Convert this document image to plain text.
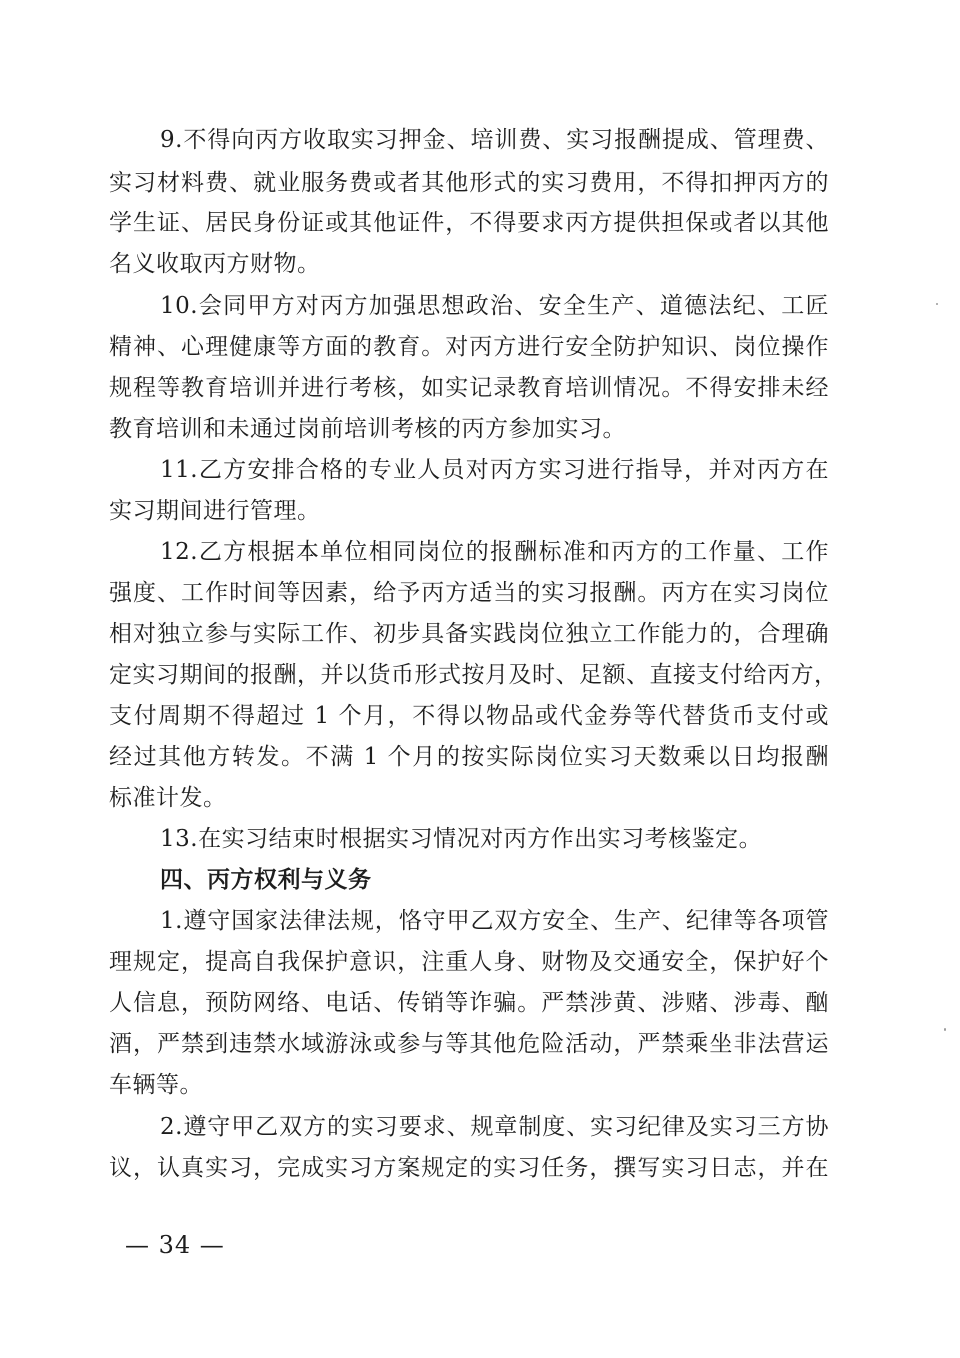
9.不得向丙方收取实习押金、培训费、实习报酬提成、管理费、
实习材料费、就业服务费或者其他形式的实习费用，不得扣押丙方的
学生证、居民身份证或其他证件，不得要求丙方提供担保或者以其他
名义收取丙方财物。
10.会同甲方对丙方加强思想政治、安全生产、道德法纪、工匠
精神、心理健康等方面的教育。对丙方进行安全防护知识、岗位操作
规程等教育培训并进行考核，如实记录教育培训情况。不得安排未经
教育培训和未通过岗前培训考核的丙方参加实习。
11.乙方安排合格的专业人员对丙方实习进行指导，并对丙方在
实习期间进行管理。
12.乙方根据本单位相同岗位的报酬标准和丙方的工作量、工作
强度、工作时间等因素，给予丙方适当的实习报酬。丙方在实习岗位
相对独立参与实际工作、初步具备实践岗位独立工作能力的，合理确
定实习期间的报酬，并以货币形式按月及时、足额、直接支付给丙方，
支付周期不得超过 1 个月，不得以物品或代金券等代替货币支付或
经过其他方转发。不满 1 个月的按实际岗位实习天数乘以日均报酬
标准计发。
13.在实习结束时根据实习情况对丙方作出实习考核鉴定。
四、丙方权利与义务
1.遵守国家法律法规，恪守甲乙双方安全、生产、纪律等各项管
理规定，提高自我保护意识，注重人身、财物及交通安全，保护好个
人信息，预防网络、电话、传销等诈骗。严禁涉黄、涉赌、涉毒、酗
酒，严禁到违禁水域游泳或参与等其他危险活动，严禁乘坐非法营运
车辆等。
2.遵守甲乙双方的实习要求、规章制度、实习纪律及实习三方协
议，认真实习，完成实习方案规定的实习任务，撰写实习日志，并在
— 34 —
